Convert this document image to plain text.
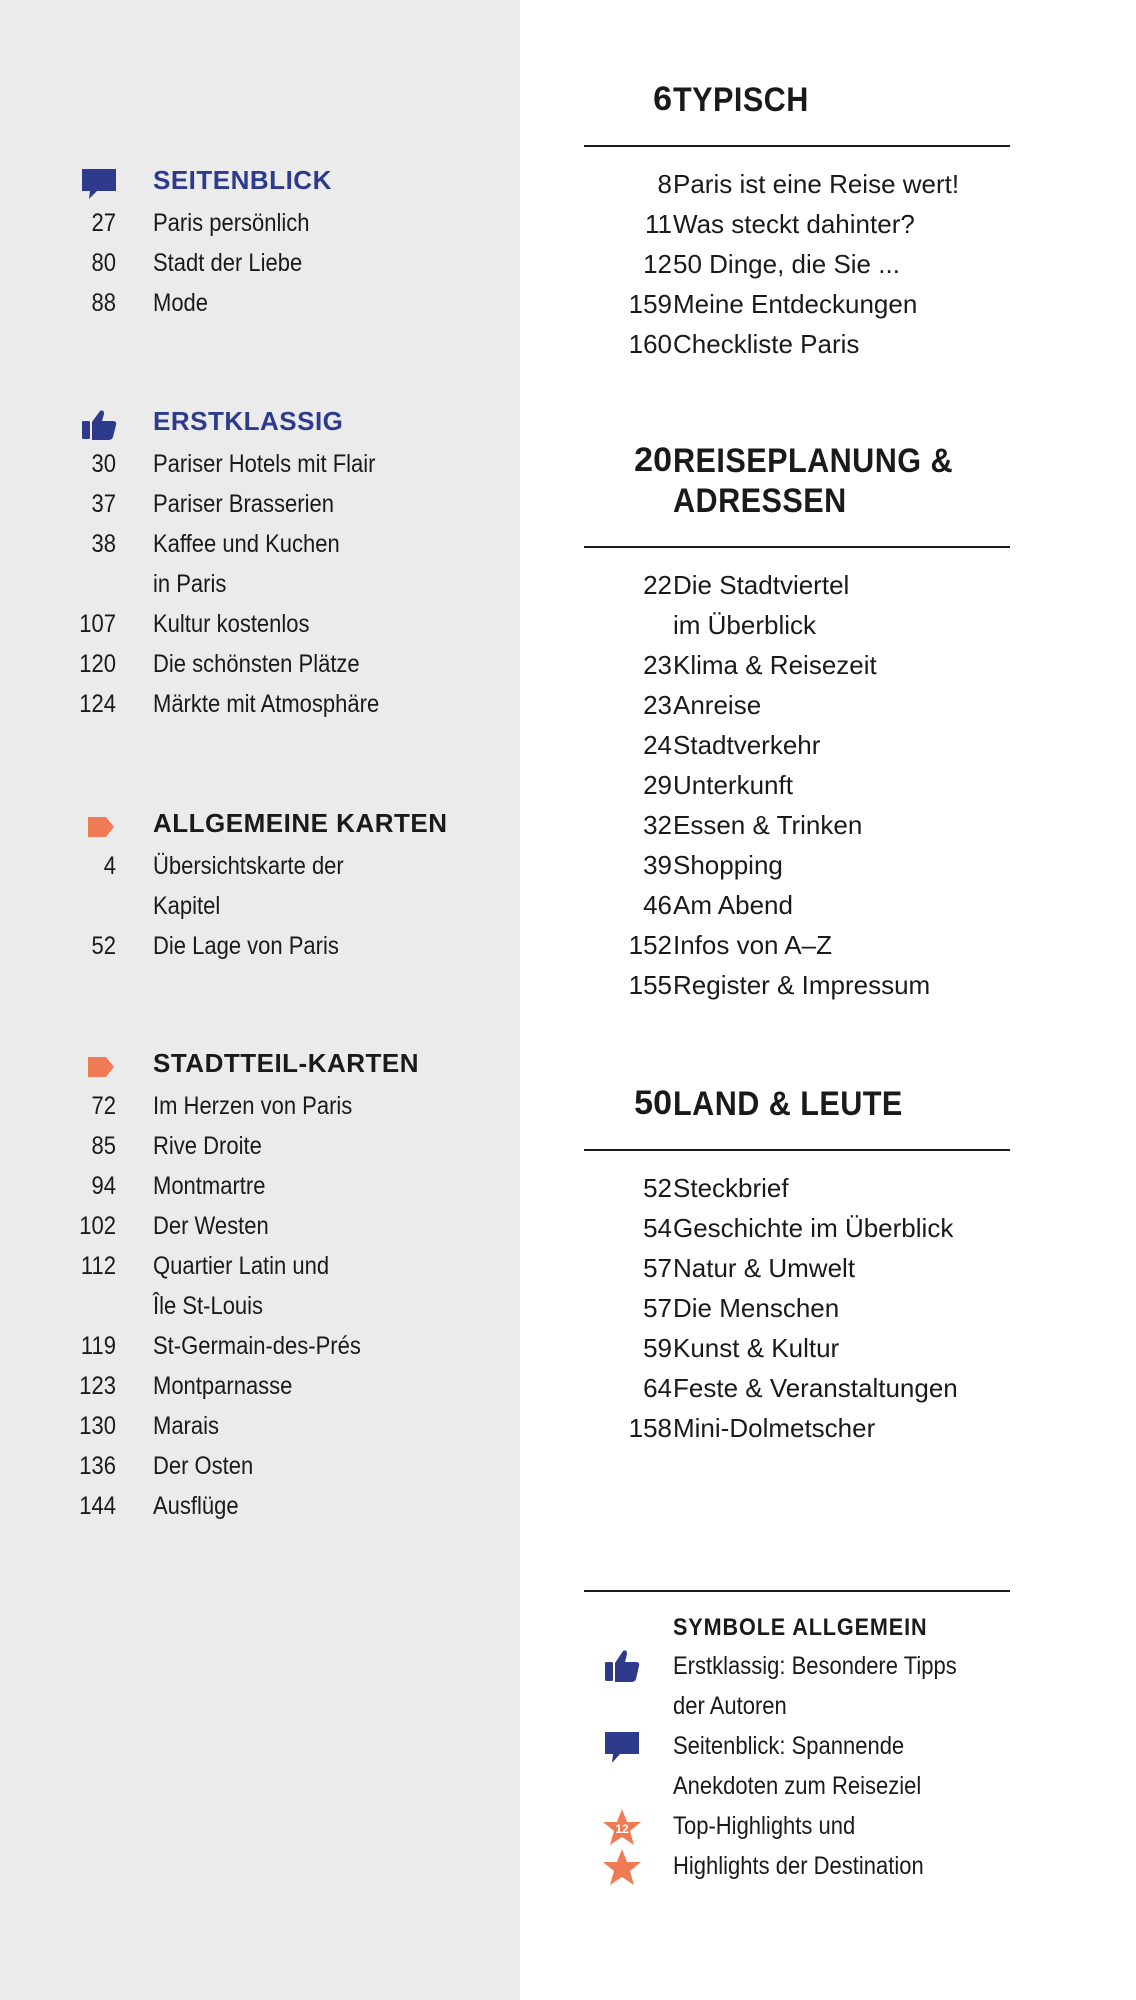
SEITENBLICK
27 Paris persönlich
80 Stadt der Liebe
88 Mode
ERSTKLASSIG
30 Pariser Hotels mit Flair
37 Pariser Brasserien
38 Kaffee und Kuchen
in Paris
107 Kultur kostenlos
120 Die schönsten Plätze
124 Märkte mit Atmosphäre
ALLGEMEINE KARTEN
4 Übersichtskarte der
Kapitel
52 Die Lage von Paris
STADTTEIL-KARTEN
72 Im Herzen von Paris
85 Rive Droite
94 Montmartre
102 Der Westen
112 Quartier Latin und
Île St-Louis
119 St-Germain-des-Prés
123 Montparnasse
130 Marais
136 Der Osten
144 Ausflüge
6 TYPISCH
8 Paris ist eine Reise wert!
11 Was steckt dahinter?
12 50 Dinge, die Sie ...
159 Meine Entdeckungen
160 Checkliste Paris
20 REISEPLANUNG &
ADRESSEN
22 Die Stadtviertel
im Überblick
23 Klima & Reisezeit
23 Anreise
24 Stadtverkehr
29 Unterkunft
32 Essen & Trinken
39 Shopping
46 Am Abend
152 Infos von A–Z
155 Register & Impressum
50 LAND & LEUTE
52 Steckbrief
54 Geschichte im Überblick
57 Natur & Umwelt
57 Die Menschen
59 Kunst & Kultur
64 Feste & Veranstaltungen
158 Mini-Dolmetscher
SYMBOLE ALLGEMEIN
Erstklassig: Besondere Tipps
der Autoren
Seitenblick: Spannende
Anekdoten zum Reiseziel
12 Top-Highlights und
Highlights der Destination
